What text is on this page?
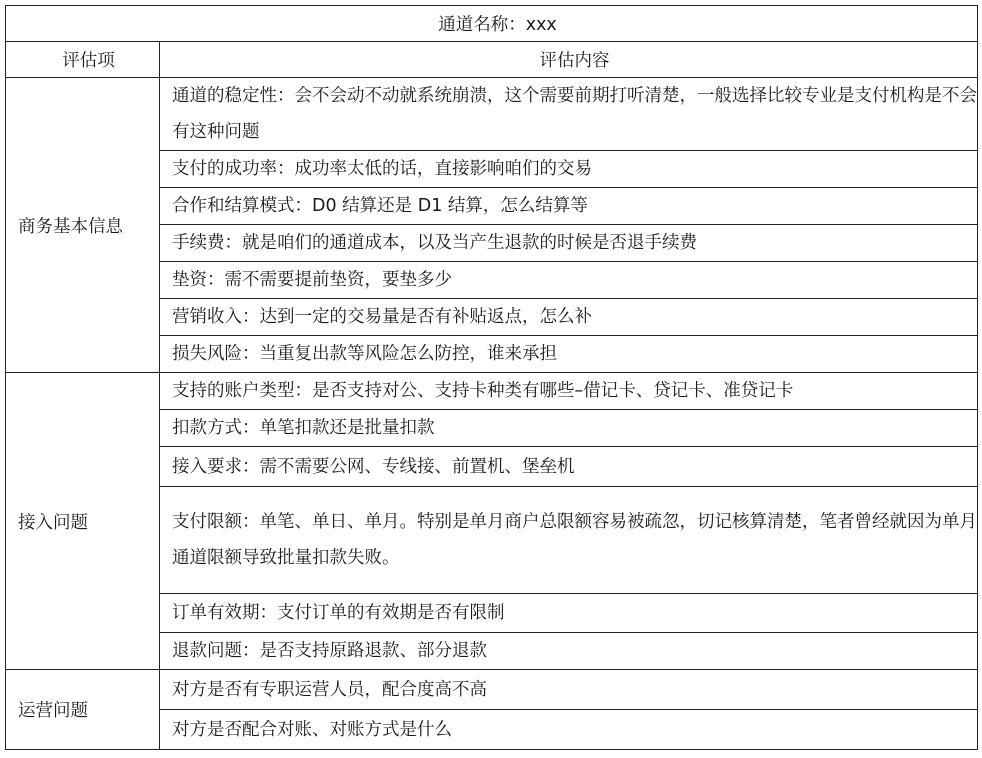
通道名称：xxx	
评估项	评估内容
商务基本信息	通道的稳定性：会不会动不动就系统崩溃，这个需要前期打听清楚，一般选择比较专业是支付机构是不会有这种问题
	支付的成功率：成功率太低的话，直接影响咱们的交易
	合作和结算模式：D0 结算还是 D1 结算，怎么结算等
	手续费：就是咱们的通道成本，以及当产生退款的时候是否退手续费
	垫资：需不需要提前垫资，要垫多少
	营销收入：达到一定的交易量是否有补贴返点，怎么补
	损失风险：当重复出款等风险怎么防控，谁来承担
接入问题	支持的账户类型：是否支持对公、支持卡种类有哪些–借记卡、贷记卡、准贷记卡
	扣款方式：单笔扣款还是批量扣款
	接入要求：需不需要公网、专线接、前置机、堡垒机
	支付限额：单笔、单日、单月。特别是单月商户总限额容易被疏忽，切记核算清楚，笔者曾经就因为单月通道限额导致批量扣款失败。
	订单有效期：支付订单的有效期是否有限制
	退款问题：是否支持原路退款、部分退款
运营问题	对方是否有专职运营人员，配合度高不高
	对方是否配合对账、对账方式是什么
